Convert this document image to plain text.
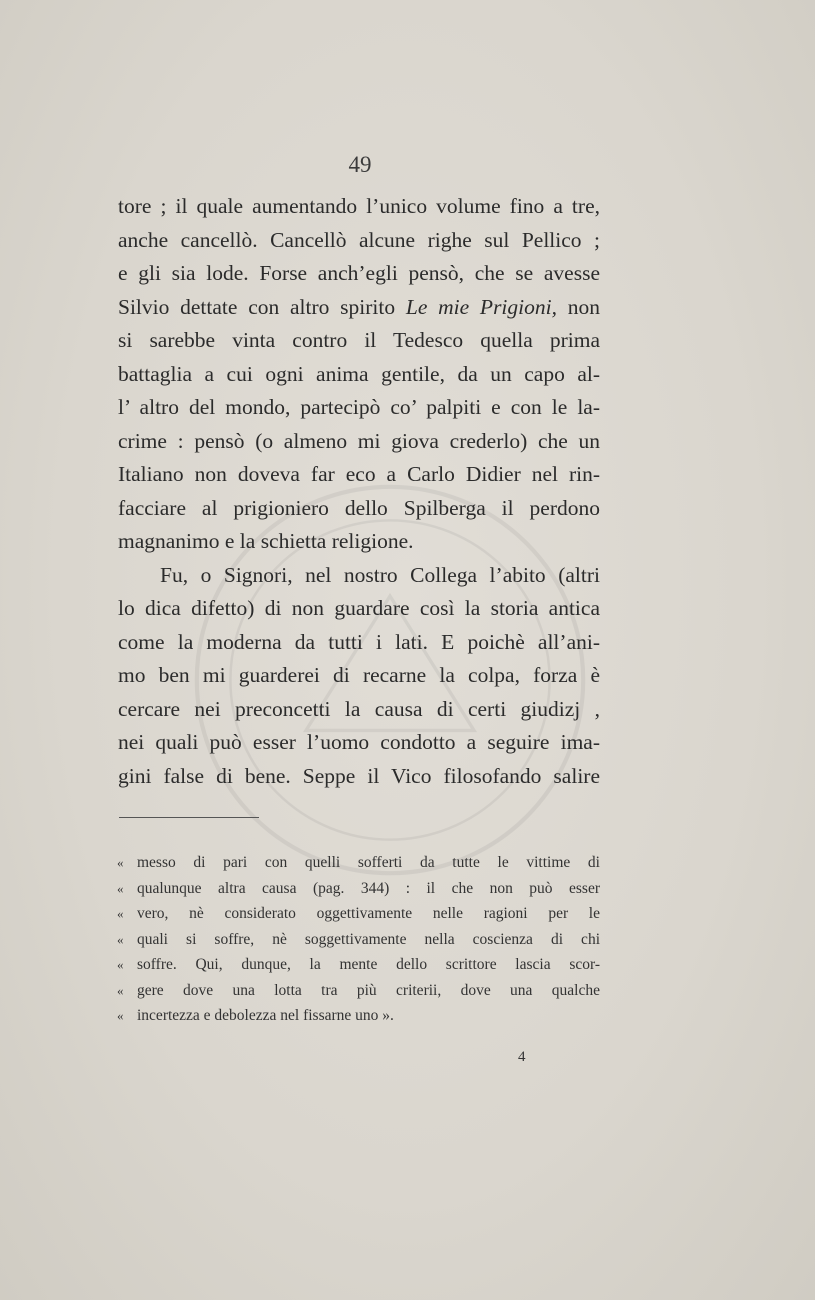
49
tore ; il quale aumentando l’unico volume fino a tre,
anche cancellò. Cancellò alcune righe sul Pellico ;
e gli sia lode. Forse anch’egli pensò, che se avesse
Silvio dettate con altro spirito Le mie Prigioni, non
si sarebbe vinta contro il Tedesco quella prima
battaglia a cui ogni anima gentile, da un capo al-
l’ altro del mondo, partecipò co’ palpiti e con le la-
crime : pensò (o almeno mi giova crederlo) che un
Italiano non doveva far eco a Carlo Didier nel rin-
facciare al prigioniero dello Spilberga il perdono
magnanimo e la schietta religione.
Fu, o Signori, nel nostro Collega l’abito (altri
lo dica difetto) di non guardare così la storia antica
come la moderna da tutti i lati. E poichè all’ani-
mo ben mi guarderei di recarne la colpa, forza è
cercare nei preconcetti la causa di certi giudizj ,
nei quali può esser l’uomo condotto a seguire ima-
gini false di bene. Seppe il Vico filosofando salire
« messo di pari con quelli sofferti da tutte le vittime di
« qualunque altra causa (pag. 344) : il che non può esser
« vero, nè considerato oggettivamente nelle ragioni per le
« quali si soffre, nè soggettivamente nella coscienza di chi
« soffre. Qui, dunque, la mente dello scrittore lascia scor-
« gere dove una lotta tra più criterii, dove una qualche
« incertezza e debolezza nel fissarne uno ».
4
